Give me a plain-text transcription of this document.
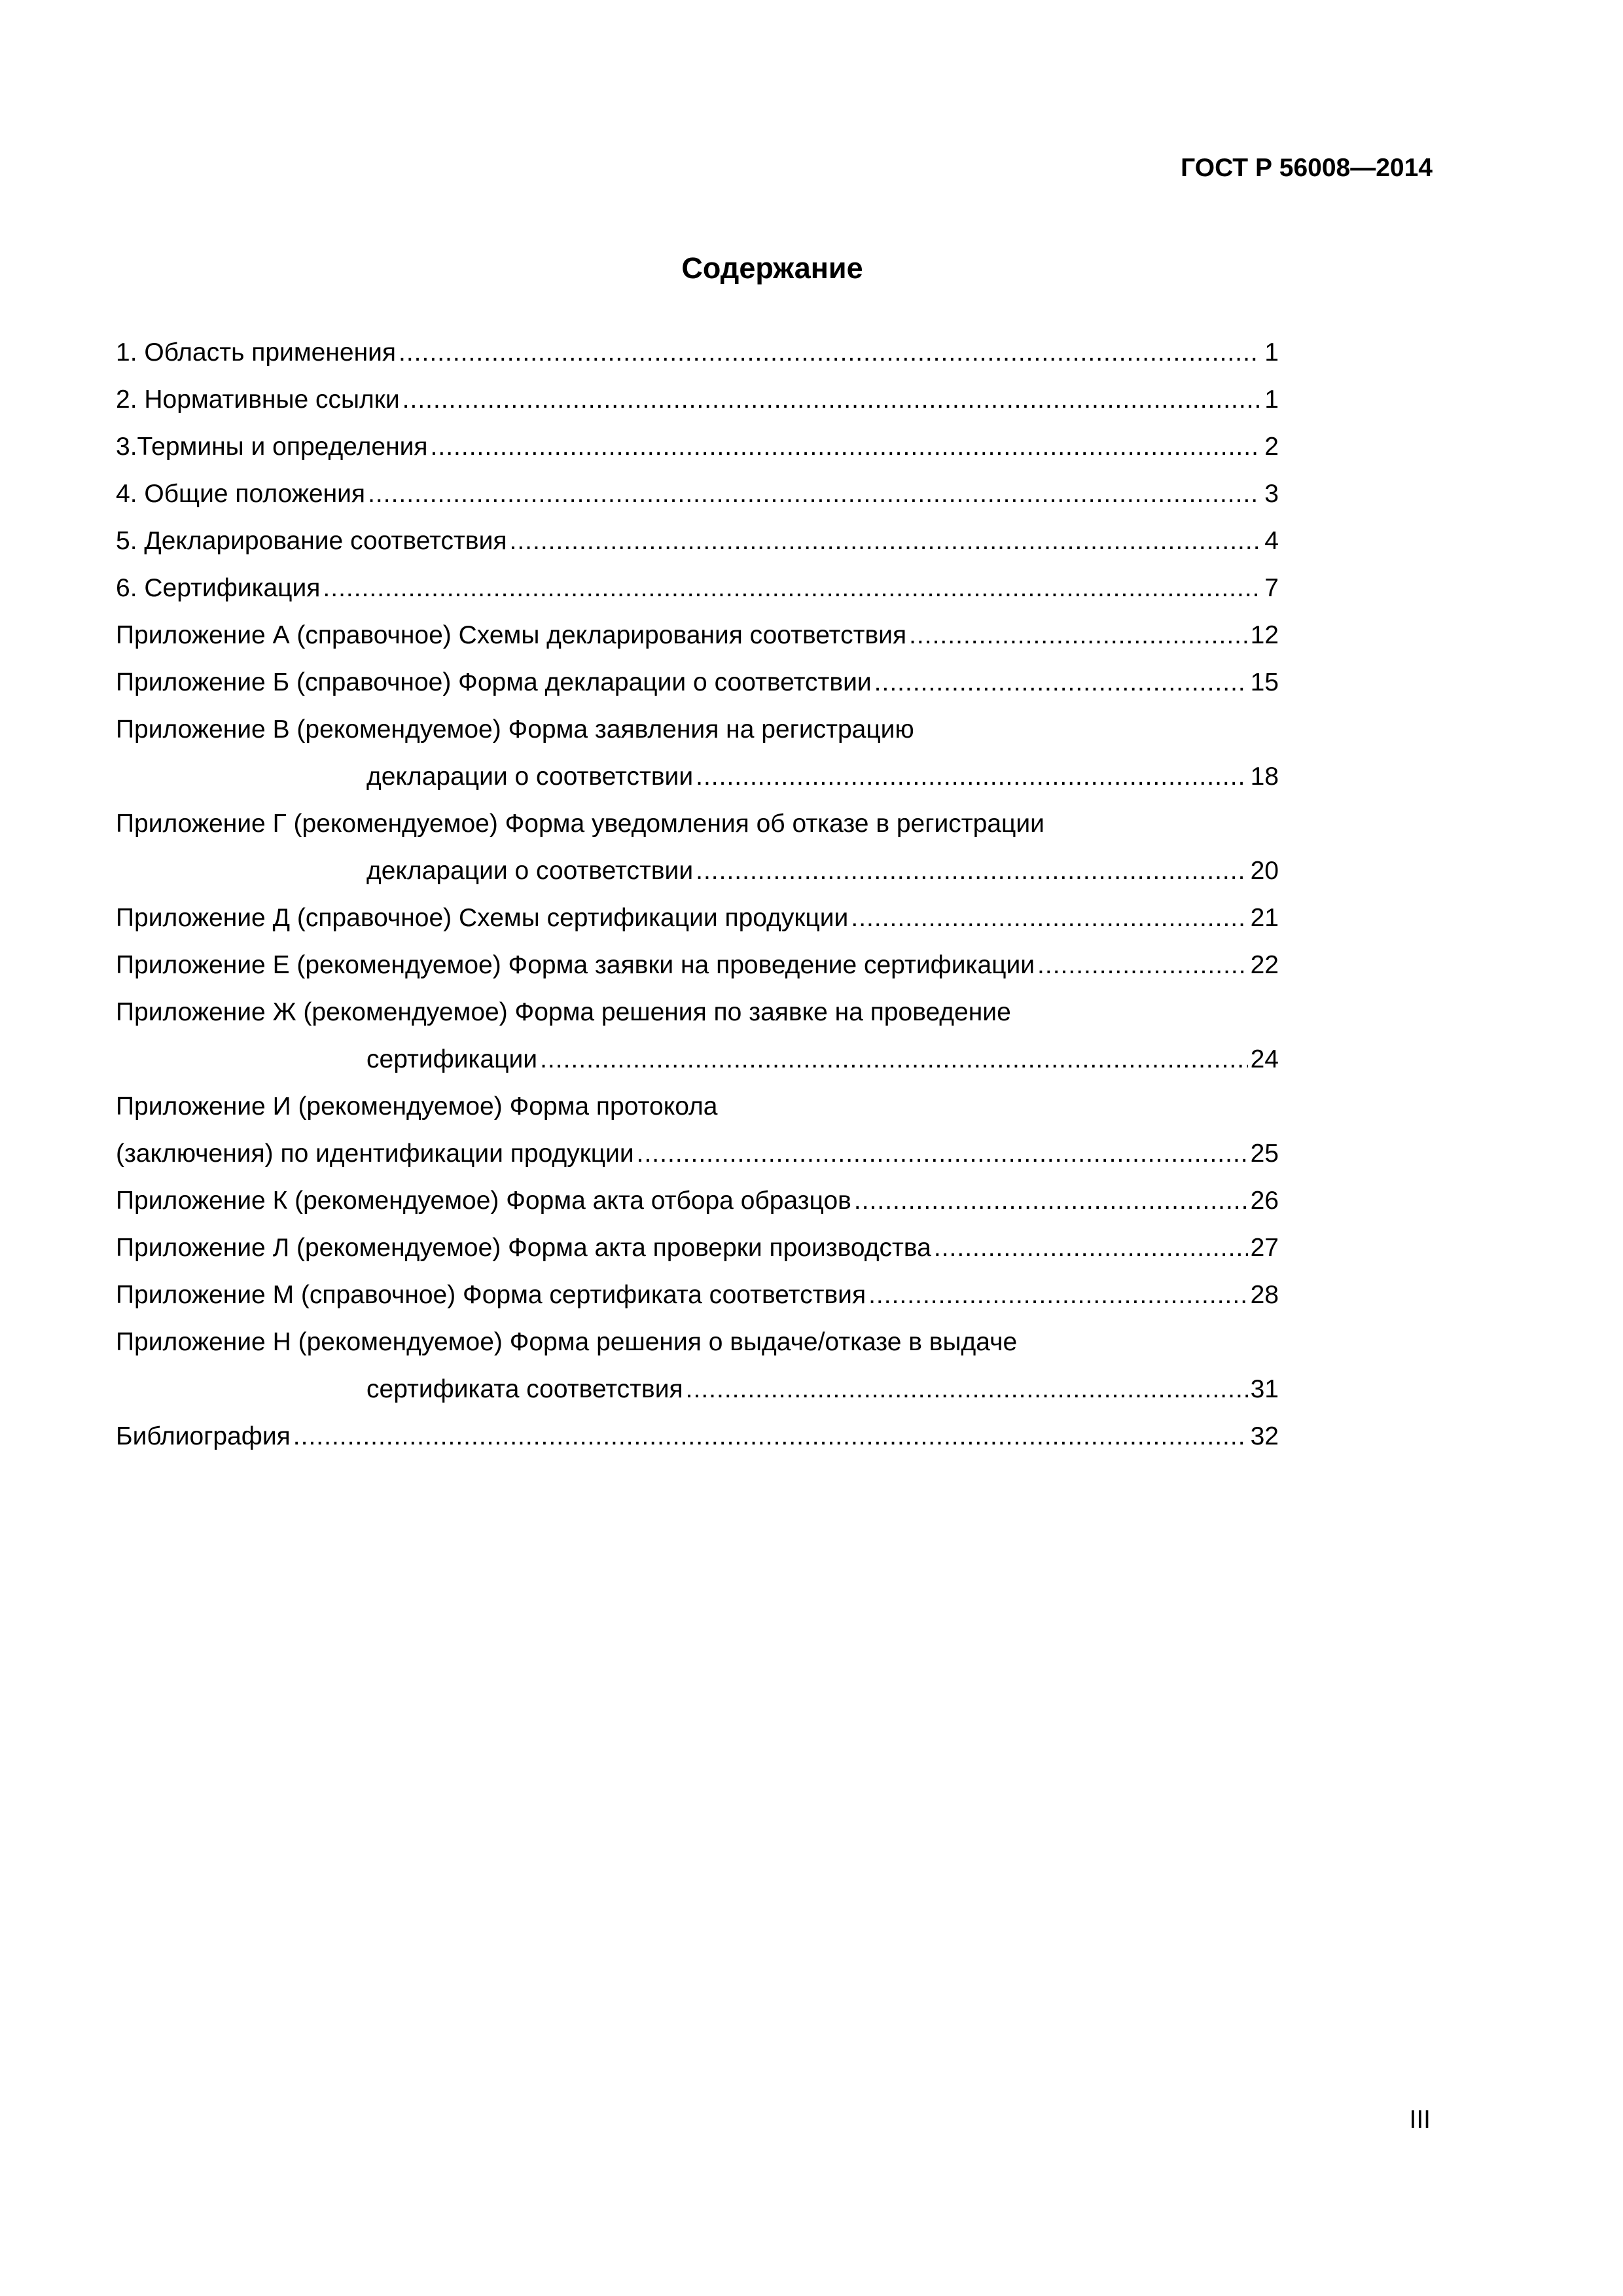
ГОСТ Р 56008—2014
Содержание
1. Область применения .....	1
2. Нормативные ссылки .....	1
3.Термины и определения .....	2
4. Общие положения .....	3
5. Декларирование соответствия .....	4
6. Сертификация .....	7
Приложение А (справочное) Схемы декларирования соответствия .....	12
Приложение Б (справочное) Форма декларации о соответствии .....	15
Приложение В (рекомендуемое) Форма заявления на регистрацию
декларации о соответствии .....	18
Приложение Г (рекомендуемое) Форма уведомления об отказе в регистрации
декларации о соответствии .....	20
Приложение Д (справочное) Схемы сертификации продукции .....	21
Приложение Е (рекомендуемое) Форма заявки на проведение сертификации .....	22
Приложение Ж (рекомендуемое) Форма решения по заявке на проведение
сертификации .....	24
Приложение И (рекомендуемое) Форма протокола
(заключения) по идентификации продукции .....	25
Приложение К (рекомендуемое) Форма акта отбора образцов .....	26
Приложение Л (рекомендуемое) Форма акта проверки производства .....	27
Приложение М (справочное) Форма сертификата соответствия .....	28
Приложение Н (рекомендуемое) Форма решения о выдаче/отказе в выдаче
сертификата соответствия .....	31
Библиография .....	32
III
